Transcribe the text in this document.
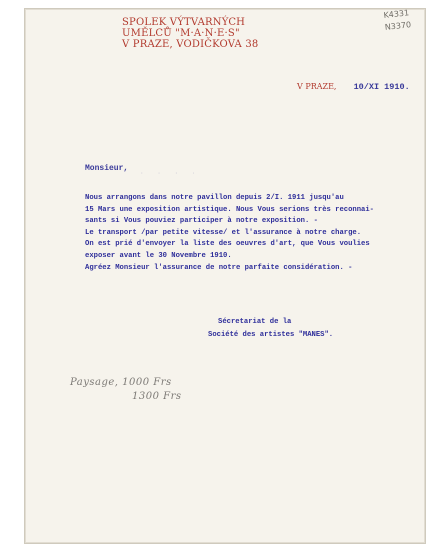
SPOLEK VÝTVARNÝCH
UMĚLCŮ "M·A·N·E·S"
V PRAZE, VODIČKOVA 38
K4331
N3370
V PRAZE, 10/XI 1910.
Monsieur,
· · · ·
Nous arrangons dans notre pavillon depuis 2/I. 1911 jusqu'au
15 Mars une exposition artistique. Nous Vous serions très reconnai-
sants si Vous pouviez participer à notre exposition. -
Le transport /par petite vitesse/ et l'assurance à notre charge.
On est prié d'envoyer la liste des oeuvres d'art, que Vous voulies
exposer avant le 30 Novembre 1910.
Agréez Monsieur l'assurance de notre parfaite considération. -
Sécretariat de la
Société des artistes "MANES".
Paysage, 1000 Frs
1300 Frs
